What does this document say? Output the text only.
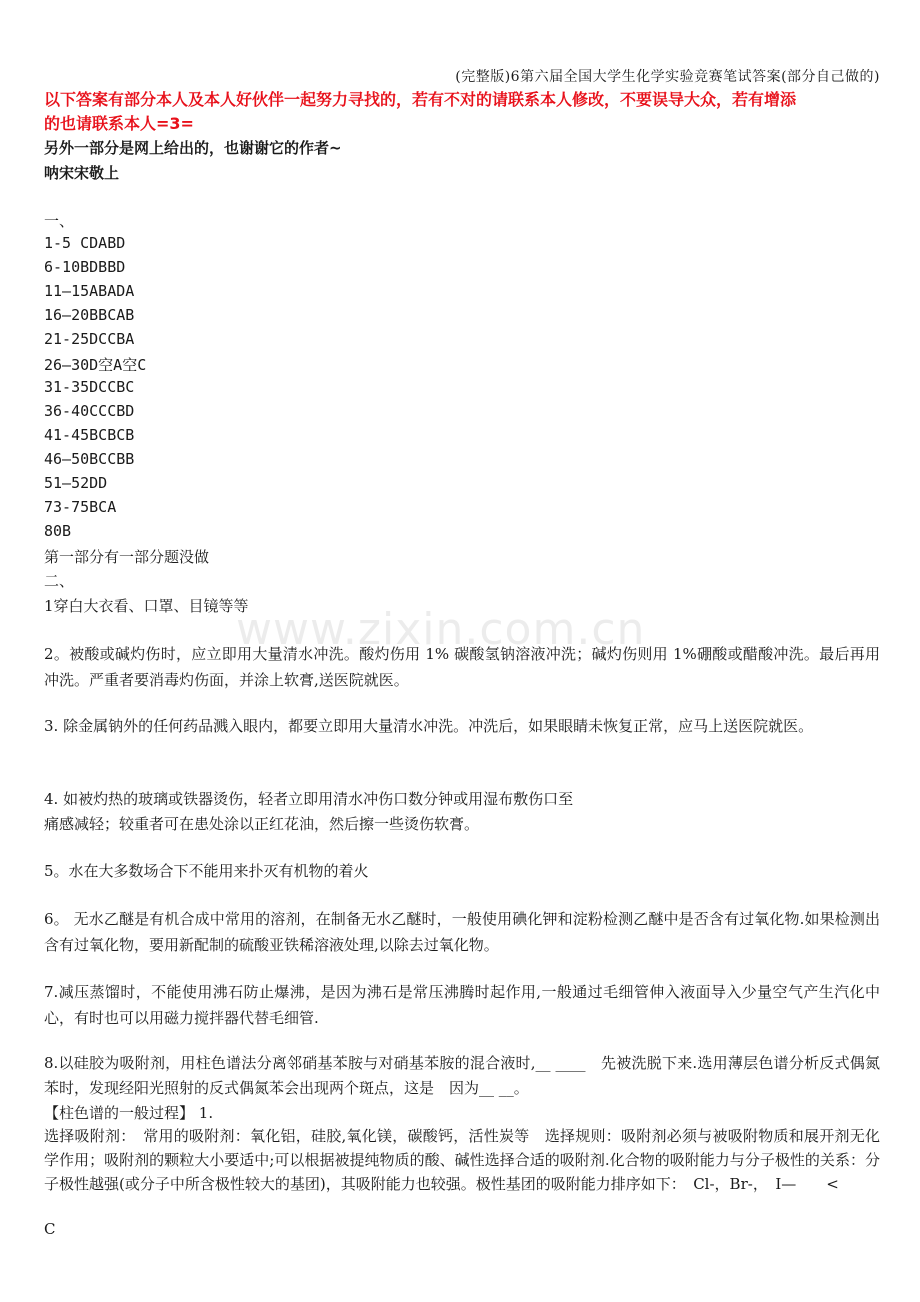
www.zixin.com.cn
(完整版)6第六届全国大学生化学实验竞赛笔试答案(部分自己做的)
以下答案有部分本人及本人好伙伴一起努力寻找的，若有不对的请联系本人修改，不要误导大众，若有增添
的也请联系本人=3=
另外一部分是网上给出的，也谢谢它的作者~
呐宋宋敬上
一、
1-5 CDABD
6-10BDBBD
11—15ABADA
16—20BBCAB
21-25DCCBA
26—30D空A空C
31-35DCCBC
36-40CCCBD
41-45BCBCB
46—50BCCBB
51—52DD
73-75BCA
80B
第一部分有一部分题没做
二、
1穿白大衣看、口罩、目镜等等
2。被酸或碱灼伤时，应立即用大量清水冲洗。酸灼伤用 1% 碳酸氢钠溶液冲洗；碱灼伤则用 1%硼酸或醋酸冲洗。最后再用　冲洗。严重者要消毒灼伤面，并涂上软膏,送医院就医。
3. 除金属钠外的任何药品溅入眼内，都要立即用大量清水冲洗。冲洗后，如果眼睛未恢复正常，应马上送医院就医。
4. 如被灼热的玻璃或铁器烫伤，轻者立即用清水冲伤口数分钟或用湿布敷伤口至
痛感减轻；较重者可在患处涂以正红花油，然后擦一些烫伤软膏。
5。水在大多数场合下不能用来扑灭有机物的着火
6。 无水乙醚是有机合成中常用的溶剂，在制备无水乙醚时，一般使用碘化钾和淀粉检测乙醚中是否含有过氧化物.如果检测出含有过氧化物，要用新配制的硫酸亚铁稀溶液处理,以除去过氧化物。
7.减压蒸馏时，不能使用沸石防止爆沸，是因为沸石是常压沸腾时起作用,一般通过毛细管伸入液面导入少量空气产生汽化中心，有时也可以用磁力搅拌器代替毛细管.
8.以硅胶为吸附剂，用柱色谱法分离邻硝基苯胺与对硝基苯胺的混合液时,__ ____　先被洗脱下来.选用薄层色谱分析反式偶氮苯时，发现经阳光照射的反式偶氮苯会出现两个斑点，这是　因为__ __。
【柱色谱的一般过程】 1.
选择吸附剂：　常用的吸附剂：氧化铝，硅胶,氧化镁，碳酸钙，活性炭等　选择规则：吸附剂必须与被吸附物质和展开剂无化学作用；吸附剂的颗粒大小要适中;可以根据被提纯物质的酸、碱性选择合适的吸附剂.化合物的吸附能力与分子极性的关系：分子极性越强(或分子中所含极性较大的基团)，其吸附能力也较强。极性基团的吸附能力排序如下：　Cl-，Br-，　I—　　<
C
